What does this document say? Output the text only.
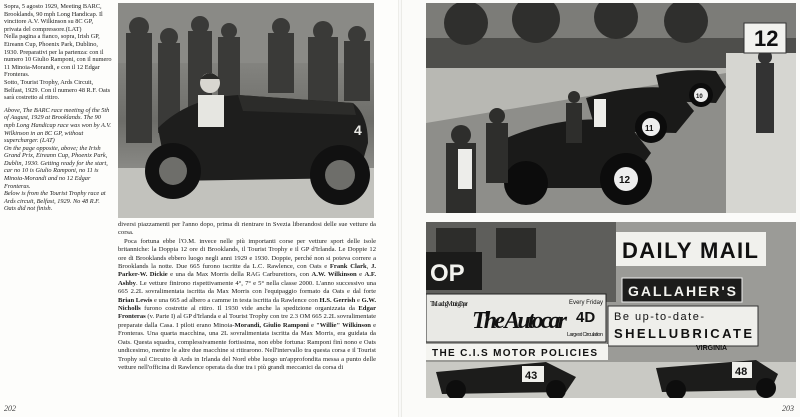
Sopra, 5 agosto 1929, Meeting BARC, Brooklands, 90 mph Long Handicap. Il vincitore A.V. Wilkinson su 8C GP, privata del compressore.(LAT)

Nella pagina a fianco, sopra, Irish GP, Eireann Cup, Phoenix Park, Dublino, 1930. Preparativi per la partenza: con il numero 10 Giulio Ramponi, con il numero 11 Minoia-Morandi, e con il 12 Edgar Fronteras.

Sotto, Tourist Trophy, Ards Circuit, Belfast, 1929. Con il numero 48 R.F. Oats sarà costretto al ritiro.

Above, The BARC race meeting of the 5th of August, 1929 at Brooklands. The 90 mph Long Handicap race was won by A.V. Wilkinson in an 8C GP, without supercharger. (LAT)

On the page opposite, above; the Irish Grand Prix, Eireann Cup, Phoenix Park, Dublin, 1930. Getting ready for the start, car no 10 is Giulio Ramponi, no 11 is Minoia-Morandi and no 12 Edgar Fronteras.

Below is from the Tourist Trophy race at Ards circuit, Belfast, 1929. No 48 R.F. Oats did not finish.

4

diversi piazzamenti per l'anno dopo, prima di rientrare in Svezia liberandosi delle sue vetture da corsa.

Poca fortuna ebbe l'O.M. invece nelle più importanti corse per vetture sport delle isole britanniche: la Doppia 12 ore di Brooklands, il Tourist Trophy e il GP d'Irlanda. Le Doppie 12 ore di Brooklands ebbero luogo negli anni 1929 e 1930. Doppie, perché non si poteva correre a Brooklands la notte. Due 665 furono iscritte da L.C. Rawlence, con Oats e Frank Clark, J. Parker-W. Dickie e una da Max Morris della RAG Carburettors, con A.W. Wilkinson e A.F. Ashby. Le vetture finirono rispettivamente 4°, 7° e 5° nella classe 2000. L'anno successivo una 665 2.2L sovralimentata iscritta da Max Morris con l'equipaggio formato da Oats e dal forte Brian Lewis e una 665 ad albero a camme in testa iscritta da Rawlence con H.S. Gerrish e G.W. Nicholls furono costrette al ritiro. Il 1930 vide anche la spedizione organizzata da Edgar Fronteras (v. Parte I) al GP d'Irlanda e al Tourist Trophy con tre 2.3 OM 665 2.2L sovralimentate preparate dalla Casa. I piloti erano Minoia-Morandi, Giulio Ramponi e "Willie" Wilkinson e Fronteras. Una quarta macchina, una 2L sovralimentata iscritta da Max Morris, era guidata da Oats. Questa squadra, complessivamente fortissima, non ebbe fortuna: Ramponi finì nono e Oats undicesimo, mentre le altre due macchine si ritirarono. Nell'intervallo tra questa corsa e il Tourist Trophy sul Circuito di Ards in Irlanda del Nord ebbe luogo un'approfondita messa a punto delle vetture nell'officina di Rawlence operata da due tra i più grandi meccanici da corsa di

12
12
11
10
DAILY MAIL
OP
GALLAHER'S
The Leading Motoring Paper
The Autocar
Every Friday
4D
Largest Circulation
Be up-to-date-
SHELLUBRICATE
VIRGINIA
THE C.I.S MOTOR POLICIES
43	48
202	203
